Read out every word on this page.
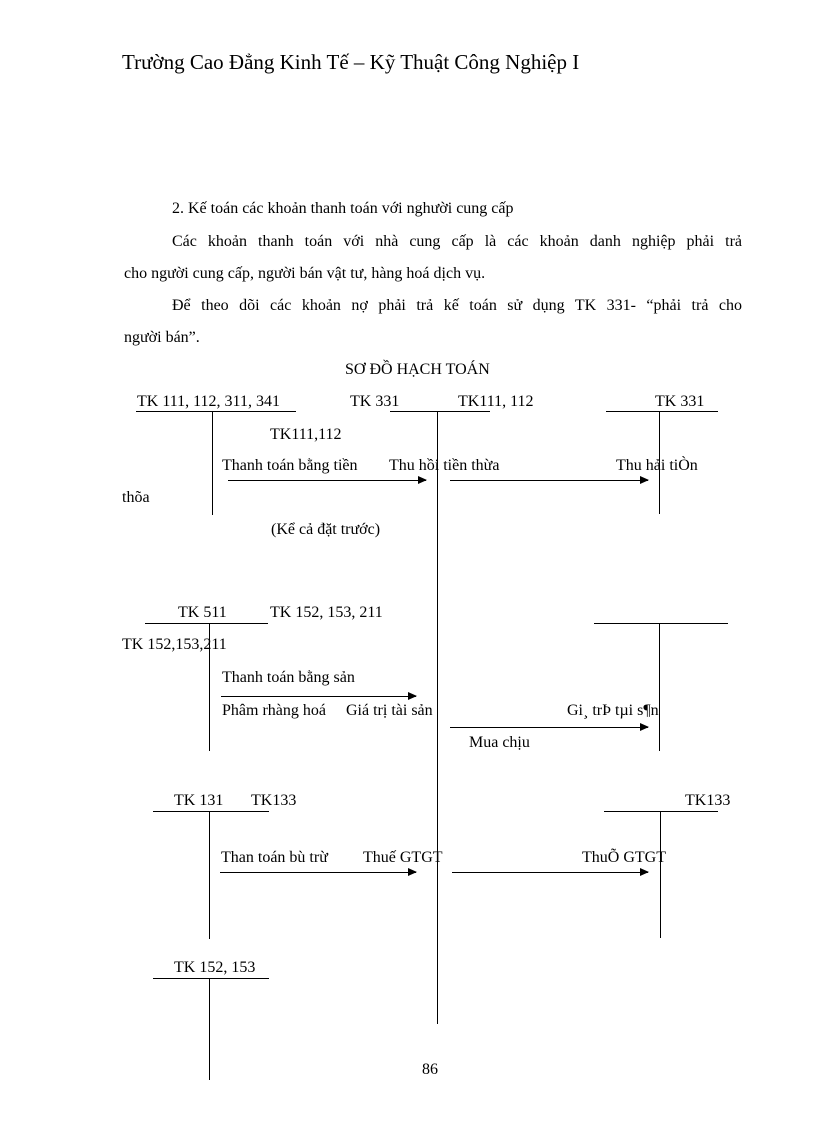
Trường Cao Đẳng Kinh Tế – Kỹ Thuật Công Nghiệp I
2. Kế toán các khoản thanh toán với nghười cung cấp
Các khoản thanh toán với nhà cung cấp là các khoản danh nghiệp phải trả
cho người cung cấp, người bán vật tư, hàng hoá dịch vụ.
Để theo dõi các khoản nợ phải trả kế toán sử dụng TK 331- “phải trả cho
người bán”.
SƠ ĐỒ HẠCH TOÁN
TK 111, 112, 311, 341	TK 331	TK111, 112	TK 331
TK111,112
Thanh toán bằng tiền Thu hồi tiền thừa	Thu hải tiÒn
thõa
(Kể cả đặt trước)
TK 511	TK 152, 153, 211
TK 152,153,211
Thanh toán bằng sản
Phâm rhàng hoá Giá trị tài sản	Gi¸ trÞ tµi s¶n
Mua chịu
TK 131 TK133	TK133
Than toán bù trừ Thuế GTGT	ThuÕ GTGT
TK 152, 153
86
